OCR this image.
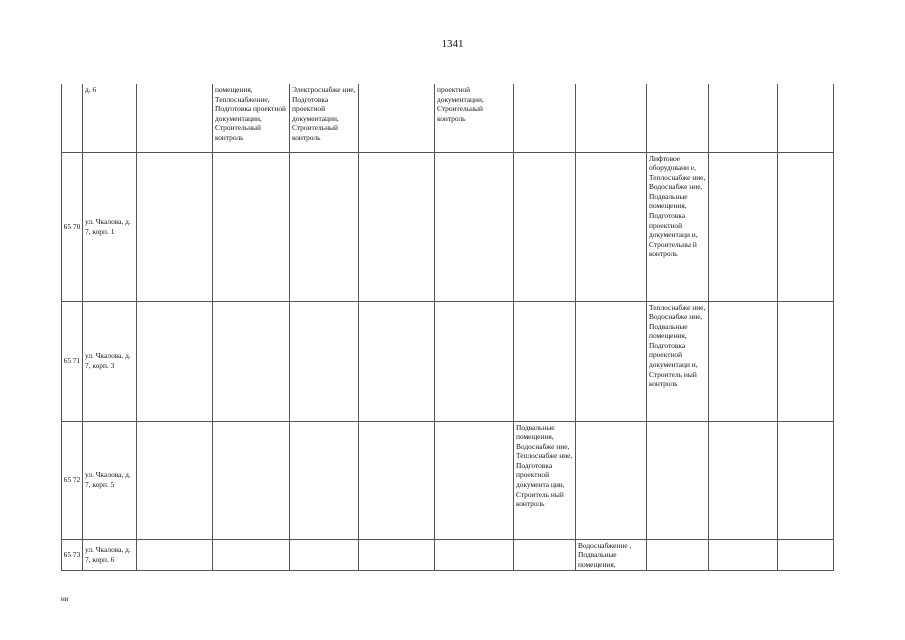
1341
	д. 6		помещения, Теплоснабжение, Подготовка проектной документации, Строительный контроль	Электроснабже ние, Подготовка проектной документации, Строительный контроль		проектной документации, Строительный контроль					
65 70	ул. Чкалова, д. 7, корп. 1								Лифтовое оборудовани е, Теплоснабже ние, Водоснабже ние, Подвальные помещения, Подготовка проектной документаци и, Строительны й контроль		
65 71	ул. Чкалова, д. 7, корп. 3								Теплоснабже ние, Водоснабже ние, Подвальные помещения, Подготовка проектной документаци и, Строитель ный контроль		
65 72	ул. Чкалова, д. 7, корп. 5						Подвальные помещения, Водоснабже ние, Теплоснабже ние, Подготовка проектной документа ции, Строитель ный контроль				
65 73	ул. Чкалова, д. 7, корп. 6							Водоснабжение , Подвальные помещения,			
ни
